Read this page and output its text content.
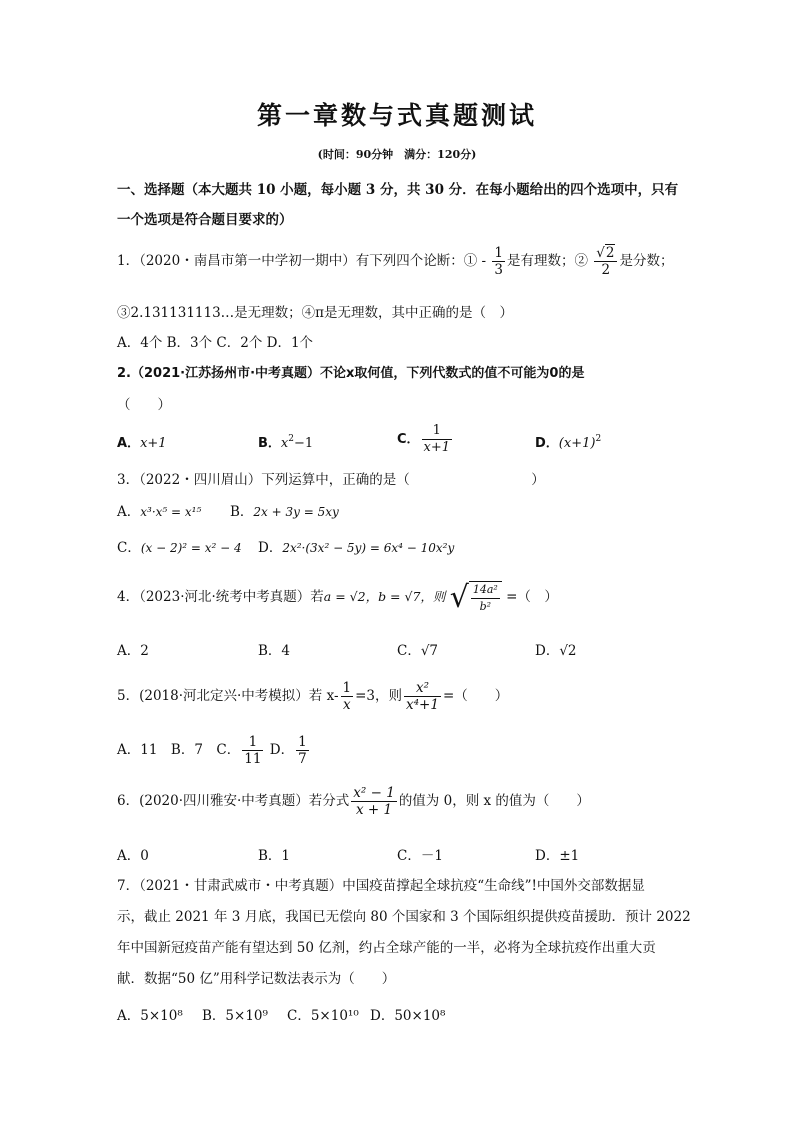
第一章数与式真题测试
(时间：90分钟　满分：120分)
一、选择题（本大题共 10 小题，每小题 3 分，共 30 分．在每小题给出的四个选项中，只有
一个选项是符合题目要求的）
1．（2020・南昌市第一中学初一期中）有下列四个论断：① - $\frac{1}{3}$ 是有理数；② $\frac{√2}{2}$ 是分数；
③2.131131113…是无理数；④π是无理数，其中正确的是（　）
A．4个 B．3个 C．2个 D．1个
2.（2021·江苏扬州市·中考真题）不论x取何值，下列代数式的值不可能为0的是
（　　）
A．x+1	B．$x^2-1$	C． $\frac{1}{x+1}$	D．$(x+1)^2$
3．（2022・四川眉山）下列运算中，正确的是（　　　　　　　　　）
A．x³·x⁵ = x¹⁵ B．2x + 3y = 5xy
C．(x − 2)² = x² − 4 D．2x²·(3x² − 5y) = 6x⁴ − 10x²y
4．（2023·河北·统考中考真题）若a = √2，b = √7，则 √ $\frac{\text{14a²}}{\text{b²}}$ =（　）
A．2	B．4	C．√7	D．√2
5．(2018·河北定兴·中考模拟）若 $x- \frac{1}{x} =3$，则 $\frac{\text{x²}}{\text{x⁴+1}}$ =（　　）
A．11　B．7　C． $\frac{1}{11}$ D． $\frac{1}{7}$
6．(2020·四川雅安·中考真题）若分式 $\frac{\text{x² − 1}}{x + 1}$ 的值为 0，则 x 的值为（　　）
A．0	B．1	C．－1	D．±1
7．（2021・甘肃武威市・中考真题）中国疫苗撑起全球抗疫“生命线”!中国外交部数据显
示，截止 2021 年 3 月底，我国已无偿向 80 个国家和 3 个国际组织提供疫苗援助．预计 2022
年中国新冠疫苗产能有望达到 50 亿剂，约占全球产能的一半，必将为全球抗疫作出重大贡
献．数据“50 亿”用科学记数法表示为（　　）
A．5×10⁸ B．5×10⁹ C．5×10¹⁰ D．50×10⁸
